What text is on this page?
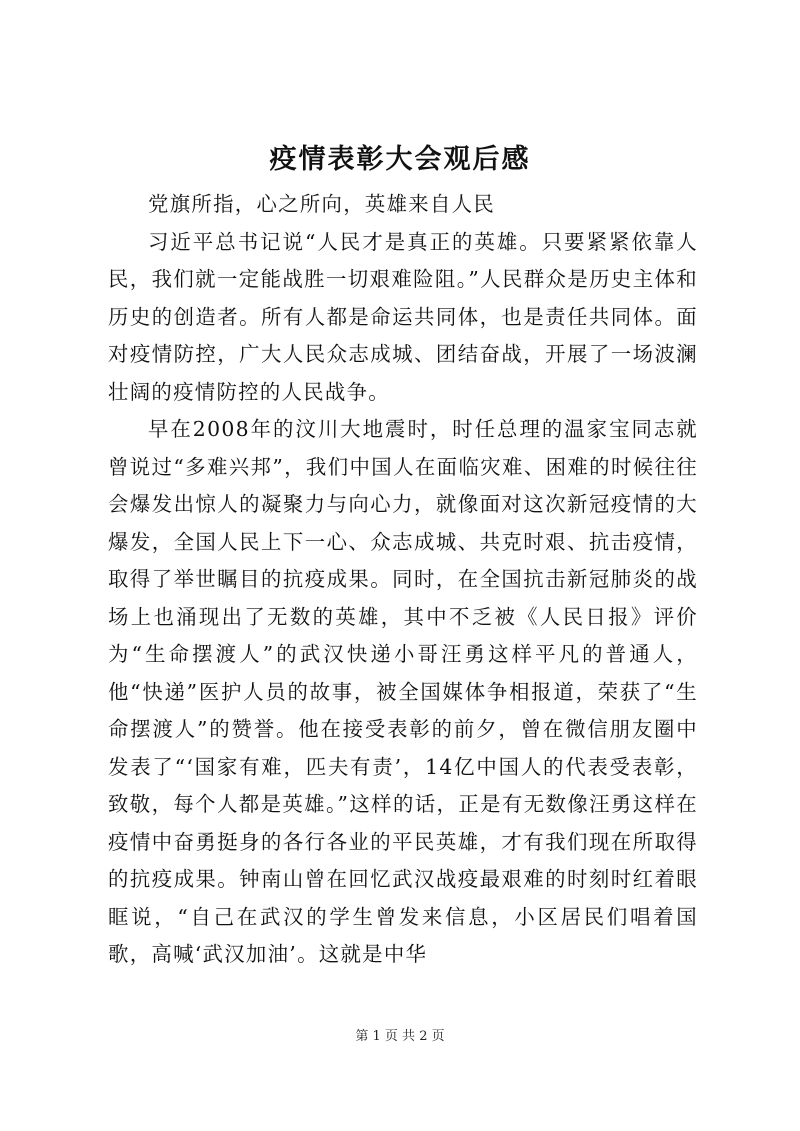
疫情表彰大会观后感

党旗所指，心之所向，英雄来自人民

习近平总书记说“人民才是真正的英雄。只要紧紧依靠人民，我们就一定能战胜一切艰难险阻。”人民群众是历史主体和历史的创造者。所有人都是命运共同体，也是责任共同体。面对疫情防控，广大人民众志成城、团结奋战，开展了一场波澜壮阔的疫情防控的人民战争。

早在2008年的汶川大地震时，时任总理的温家宝同志就曾说过“多难兴邦”，我们中国人在面临灾难、困难的时候往往会爆发出惊人的凝聚力与向心力，就像面对这次新冠疫情的大爆发，全国人民上下一心、众志成城、共克时艰、抗击疫情，取得了举世瞩目的抗疫成果。同时，在全国抗击新冠肺炎的战场上也涌现出了无数的英雄，其中不乏被《人民日报》评价为“生命摆渡人”的武汉快递小哥汪勇这样平凡的普通人，他“快递”医护人员的故事，被全国媒体争相报道，荣获了“生命摆渡人”的赞誉。他在接受表彰的前夕，曾在微信朋友圈中发表了“‘国家有难，匹夫有责’，14亿中国人的代表受表彰，致敬，每个人都是英雄。”这样的话，正是有无数像汪勇这样在疫情中奋勇挺身的各行各业的平民英雄，才有我们现在所取得的抗疫成果。钟南山曾在回忆武汉战疫最艰难的时刻时红着眼眶说，“自己在武汉的学生曾发来信息，小区居民们唱着国歌，高喊‘武汉加油’。这就是中华

第 1 页 共 2 页
